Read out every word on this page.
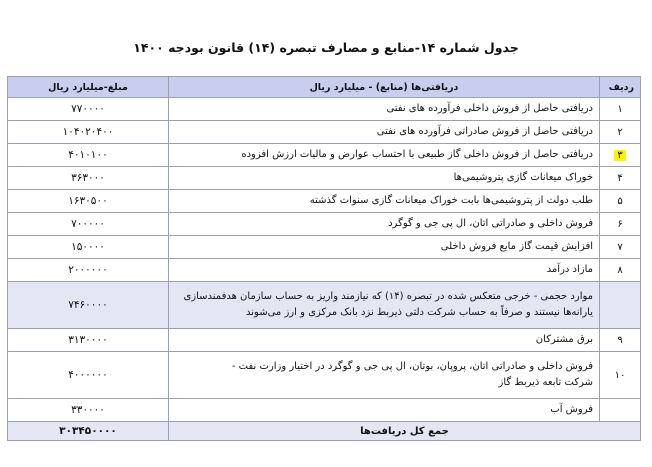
جدول شماره ۱۴-منابع و مصارف تبصره (۱۴) قانون بودجه ۱۴۰۰
ردیف	دریافتی‌ها (منابع) - میلیارد ریال	مبلغ-میلیارد ریال
۱	دریافتی حاصل از فروش داخلی فرآورده‌ های نفتی	۷۷۰۰۰۰
۲	دریافتی حاصل از فروش صادراتی فرآورده‌ های نفتی	۱۰۴۰۲۰۴۰۰
۳	دریافتی حاصل از فروش داخلی گاز طبیعی با احتساب عوارض و مالیات ارزش افزوده	۴۰۱۰۱۰۰
۴	خوراک میعانات گازی پتروشیمی‌ها	۳۶۳۰۰۰
۵	طلب دولت از پتروشیمی‌ها بابت خوراک میعانات گازی سنوات گذشته	۱۶۳۰۵۰۰
۶	فروش داخلی و صادراتی اتان، ال پی جی و گوگرد	۷۰۰۰۰۰
۷	افزایش قیمت گاز مایع فروش داخلی	۱۵۰۰۰۰
۸	مازاد درآمد	۲۰۰۰۰۰۰

	موارد حجمی - خرجی متعکس شده در تبصره (۱۴) که نیازمند واریز به حساب سازمان هدفمندسازی
یارانه‌ها نیستند و صرفاً به حساب شرکت دلتی ذیربط نزد بانک مرکزی و ارز می‌شوند	۷۴۶۰۰۰۰
۹	برق مشترکان	۳۱۳۰۰۰۰
۱۰	فروش داخلی و صادراتی اتان، پروپان، بوتان، ال پی جی و گوگرد در اختیار وزارت نفت -
شرکت تابعه ذیربط گاز	۴۰۰۰۰۰۰

	فروش آب	۳۳۰۰۰۰
جمع کل دریافت‌ها		۳۰۳۴۵۰۰۰۰
